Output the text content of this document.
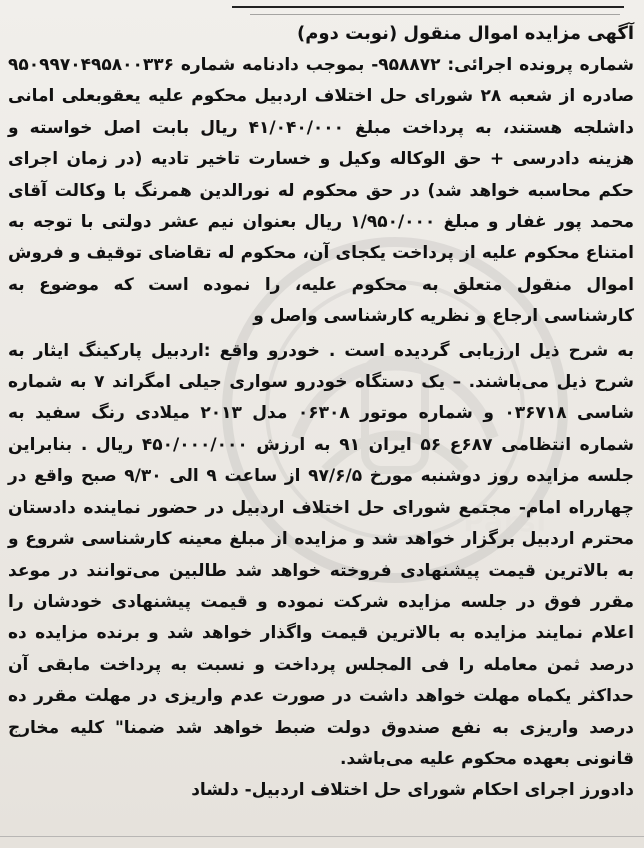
آگهی مزایده اموال منقول (نوبت دوم)
شماره پرونده اجرائی: ۹۵۸۸۷۲- بموجب دادنامه شماره ۹۵۰۹۹۷۰۴۹۵۸۰۰۳۳۶ صادره از شعبه ۲۸ شورای حل اختلاف اردبیل محکوم علیه یعقوبعلی امانی داشلجه هستند، به پرداخت مبلغ ۴۱/۰۴۰/۰۰۰ ریال بابت اصل خواسته و هزینه دادرسی + حق الوکاله وکیل و خسارت تاخیر تادیه (در زمان اجرای حکم محاسبه خواهد شد) در حق محکوم له نورالدین همرنگ با وکالت آقای محمد پور غفار و مبلغ ۱/۹۵۰/۰۰۰ ریال بعنوان نیم عشر دولتی با توجه به امتناع محکوم علیه از پرداخت یکجای آن، محکوم له تقاضای توقیف و فروش اموال منقول متعلق به محکوم علیه، را نموده است که موضوع به کارشناسی ارجاع و نظریه کارشناسی واصل و
به شرح ذیل ارزیابی گردیده است . خودرو واقع :اردبیل پارکینگ ایثار به شرح ذیل می‌باشند. – یک دستگاه خودرو سواری جیلی امگراند ۷ به شماره شاسی ۰۳۶۷۱۸ و شماره موتور ۰۶۳۰۸ مدل ۲۰۱۳ میلادی رنگ سفید به شماره انتظامی ۶۸۷ع ۵۶ ایران ۹۱ به ارزش ۴۵۰/۰۰۰/۰۰۰ ریال . بنابراین جلسه مزایده روز دوشنبه مورخ ۹۷/۶/۵ از ساعت ۹ الی ۹/۳۰ صبح واقع در چهارراه امام- مجتمع شورای حل اختلاف اردبیل در حضور نماینده دادستان محترم اردبیل برگزار خواهد شد و مزایده از مبلغ معینه کارشناسی شروع و به بالاترین قیمت پیشنهادی فروخته خواهد شد طالبین می‌توانند در موعد مقرر فوق در جلسه مزایده شرکت نموده و قیمت پیشنهادی خودشان را اعلام نمایند مزایده به بالاترین قیمت واگذار خواهد شد و برنده مزایده ده درصد ثمن معامله را فی المجلس پرداخت و نسبت به پرداخت مابقی آن حداکثر یکماه مهلت خواهد داشت در صورت عدم واریزی در مهلت مقرر ده درصد واریزی به نفع صندوق دولت ضبط خواهد شد ضمنا" کلیه مخارج قانونی بعهده محکوم علیه می‌باشد.
دادورز اجرای احکام شورای حل اختلاف اردبیل- دلشاد
